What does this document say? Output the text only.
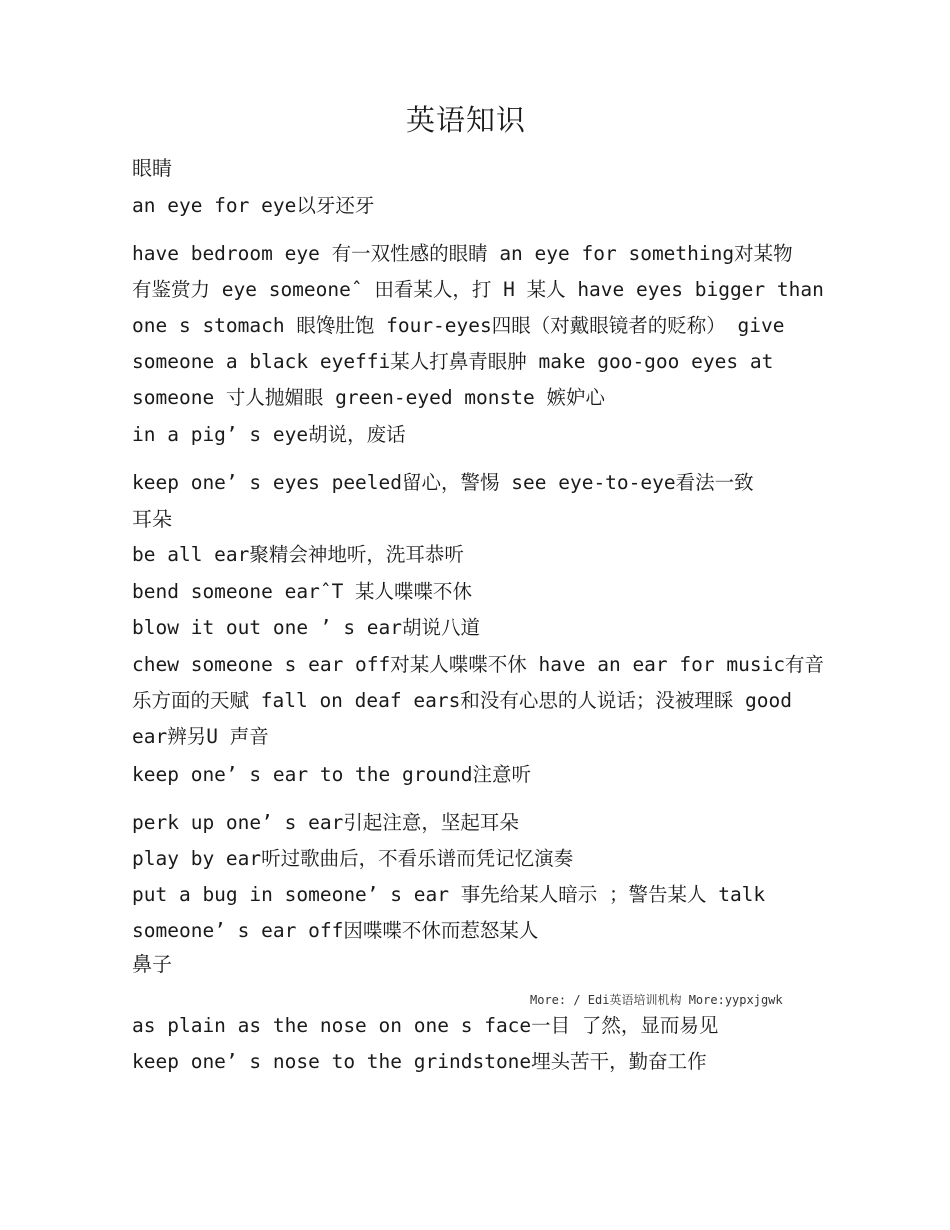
英语知识
眼睛
an eye for eye以牙还牙
have bedroom eye 有一双性感的眼睛 an eye for something对某物
有鉴赏力 eye someoneˆ 田看某人，打 H 某人 have eyes bigger than
one s stomach 眼馋肚饱 four-eyes四眼（对戴眼镜者的贬称） give
someone a black eyeffi某人打鼻青眼肿 make goo-goo eyes at
someone 寸人抛媚眼 green-eyed monste 嫉妒心
in a pig’ s eye胡说，废话
keep one’ s eyes peeled留心，警惕 see eye-to-eye看法一致
耳朵
be all ear聚精会神地听，洗耳恭听
bend someone earˆT 某人喋喋不休
blow it out one ’ s ear胡说八道
chew someone s ear off对某人喋喋不休 have an ear for music有音
乐方面的天赋 fall on deaf ears和没有心思的人说话；没被理睬 good
ear辨另U 声音
keep one’ s ear to the ground注意听
perk up one’ s ear引起注意，坚起耳朵
play by ear听过歌曲后，不看乐谱而凭记忆演奏
put a bug in someone’ s ear 事先给某人暗示 ；警告某人 talk
someone’ s ear off因喋喋不休而惹怒某人
鼻子
More: / Edi英语培训机构 More:yypxjgwk
as plain as the nose on one s face一目 了然，显而易见
keep one’ s nose to the grindstone埋头苦干，勤奋工作
